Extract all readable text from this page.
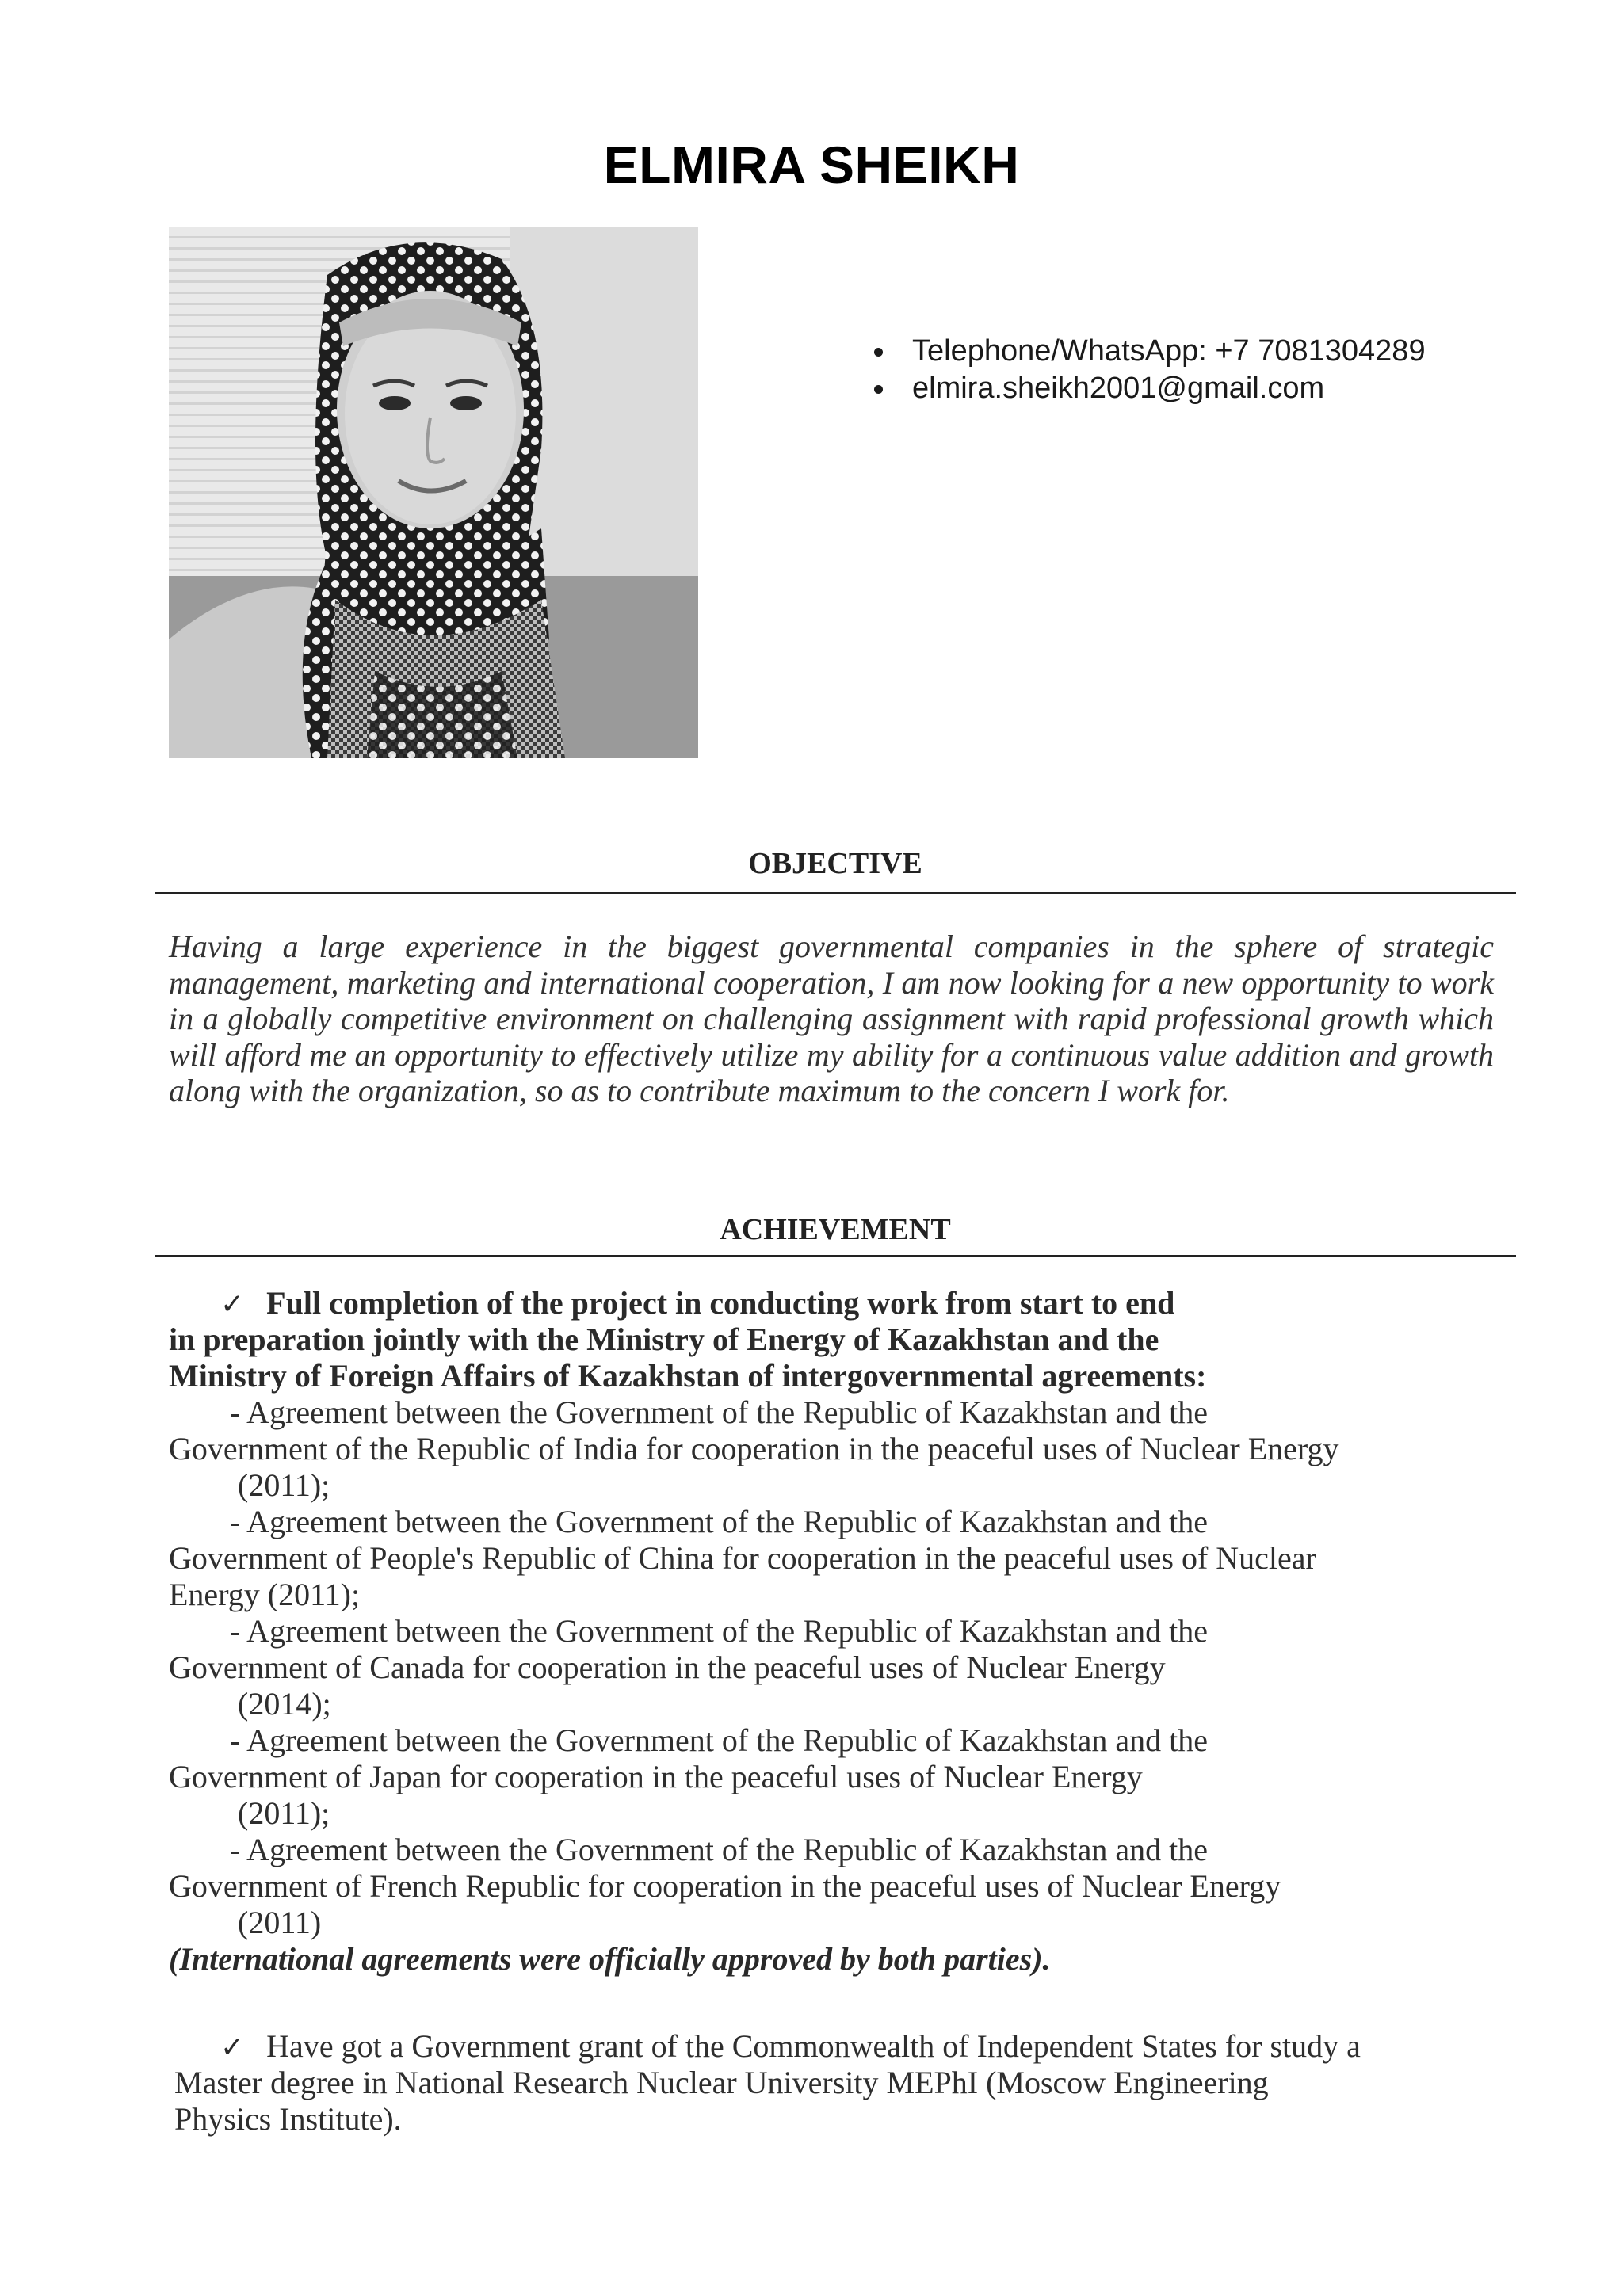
ELMIRA SHEIKH
Telephone/WhatsApp: +7 7081304289
elmira.sheikh2001@gmail.com
OBJECTIVE
Having a large experience in the biggest governmental companies in the sphere of strategic management, marketing and international cooperation, I am now looking for a new opportunity to work in a globally competitive environment on challenging assignment with rapid professional growth which will afford me an opportunity to effectively utilize my ability for a continuous value addition and growth along with the organization, so as to contribute maximum to the concern I work for.
ACHIEVEMENT
✓ Full completion of the project in conducting work from start to end
in preparation jointly with the Ministry of Energy of Kazakhstan and the
Ministry of Foreign Affairs of Kazakhstan of intergovernmental agreements:
- Agreement between the Government of the Republic of Kazakhstan and the
Government of the Republic of India for cooperation in the peaceful uses of Nuclear Energy
(2011);
- Agreement between the Government of the Republic of Kazakhstan and the
Government of People's Republic of China for cooperation in the peaceful uses of Nuclear
Energy (2011);
- Agreement between the Government of the Republic of Kazakhstan and the
Government of Canada for cooperation in the peaceful uses of Nuclear Energy
(2014);
- Agreement between the Government of the Republic of Kazakhstan and the
Government of Japan for cooperation in the peaceful uses of Nuclear Energy
(2011);
- Agreement between the Government of the Republic of Kazakhstan and the
Government of French Republic for cooperation in the peaceful uses of Nuclear Energy
(2011)
(International agreements were officially approved by both parties).
✓ Have got a Government grant of the Commonwealth of Independent States for study a
Master degree in National Research Nuclear University MEPhI (Moscow Engineering
Physics Institute).
